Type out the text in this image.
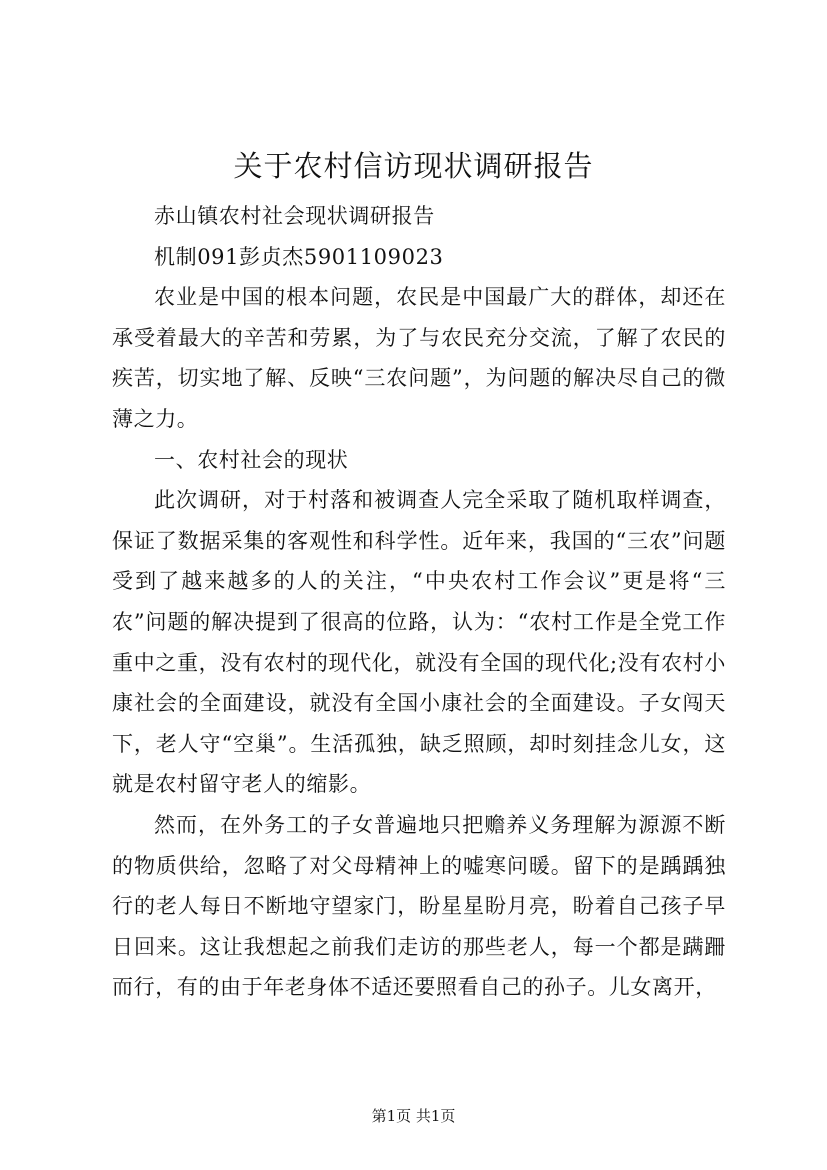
关于农村信访现状调研报告

赤山镇农村社会现状调研报告

机制091彭贞杰5901109023

农业是中国的根本问题，农民是中国最广大的群体，却还在承受着最大的辛苦和劳累，为了与农民充分交流，了解了农民的疾苦，切实地了解、反映“三农问题”，为问题的解决尽自己的微薄之力。

一、农村社会的现状

此次调研，对于村落和被调查人完全采取了随机取样调查，保证了数据采集的客观性和科学性。近年来，我国的“三农”问题受到了越来越多的人的关注，“中央农村工作会议”更是将“三农”问题的解决提到了很高的位路，认为：“农村工作是全党工作重中之重，没有农村的现代化，就没有全国的现代化;没有农村小康社会的全面建设，就没有全国小康社会的全面建设。子女闯天下，老人守“空巢”。生活孤独，缺乏照顾，却时刻挂念儿女，这就是农村留守老人的缩影。

然而，在外务工的子女普遍地只把赡养义务理解为源源不断的物质供给，忽略了对父母精神上的嘘寒问暖。留下的是踽踽独行的老人每日不断地守望家门，盼星星盼月亮，盼着自己孩子早日回来。这让我想起之前我们走访的那些老人，每一个都是蹒跚而行，有的由于年老身体不适还要照看自己的孙子。儿女离开，

第1页 共1页
